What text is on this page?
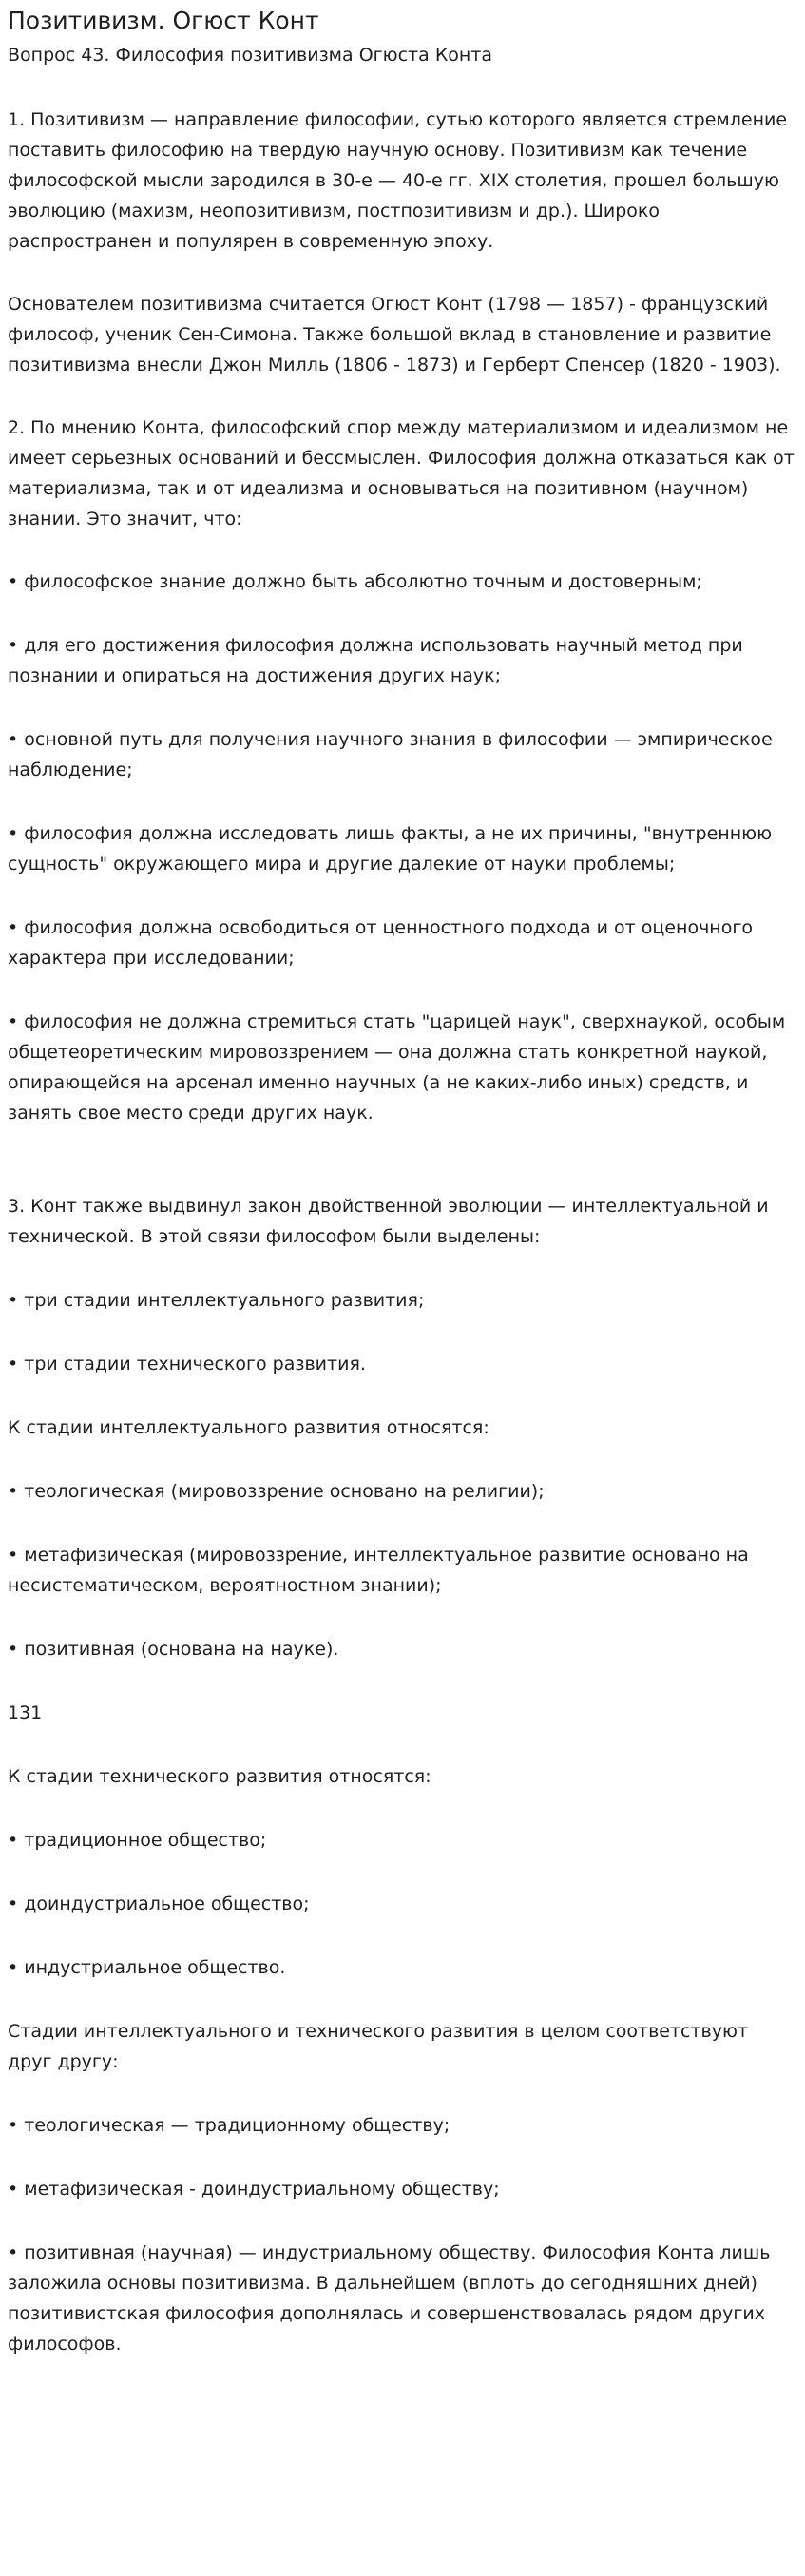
Позитивизм. Огюст Конт

Вопрос 43. Философия позитивизма Огюста Конта

1. Позитивизм — направление философии, сутью которого является стремление поставить философию на твердую научную основу. Позитивизм как течение философской мысли зародился в 30-е — 40-е гг. XIX столетия, прошел большую эволюцию (махизм, неопозитивизм, постпозитивизм и др.). Широко распространен и популярен в современную эпоху.

Основателем позитивизма считается Огюст Конт (1798 — 1857) - французский философ, ученик Сен-Симона. Также большой вклад в становление и развитие позитивизма внесли Джон Милль (1806 - 1873) и Герберт Спенсер (1820 - 1903).

2. По мнению Конта, философский спор между материализмом и идеализмом не имеет серьезных оснований и бессмыслен. Философия должна отказаться как от материализма, так и от идеализма и основываться на позитивном (научном) знании. Это значит, что:

• философское знание должно быть абсолютно точным и достоверным;

• для его достижения философия должна использовать научный метод при познании и опираться на достижения других наук;

• основной путь для получения научного знания в философии — эмпирическое наблюдение;

• философия должна исследовать лишь факты, а не их причины, "внутреннюю сущность" окружающего мира и другие далекие от науки проблемы;

• философия должна освободиться от ценностного подхода и от оценочного характера при исследовании;

• философия не должна стремиться стать "царицей наук", сверхнаукой, особым общетеоретическим мировоззрением — она должна стать конкретной наукой, опирающейся на арсенал именно научных (а не каких-либо иных) средств, и занять свое место среди других наук.

3. Конт также выдвинул закон двойственной эволюции — интеллектуальной и технической. В этой связи философом были выделены:

• три стадии интеллектуального развития;

• три стадии технического развития.

К стадии интеллектуального развития относятся:

• теологическая (мировоззрение основано на религии);

• метафизическая (мировоззрение, интеллектуальное развитие основано на несистематическом, вероятностном знании);

• позитивная (основана на науке).

131

К стадии технического развития относятся:

• традиционное общество;

• доиндустриальное общество;

• индустриальное общество.

Стадии интеллектуального и технического развития в целом соответствуют друг другу:

• теологическая — традиционному обществу;

• метафизическая - доиндустриальному обществу;

• позитивная (научная) — индустриальному обществу. Философия Конта лишь заложила основы позитивизма. В дальнейшем (вплоть до сегодняшних дней) позитивистская философия дополнялась и совершенствовалась рядом других философов.
